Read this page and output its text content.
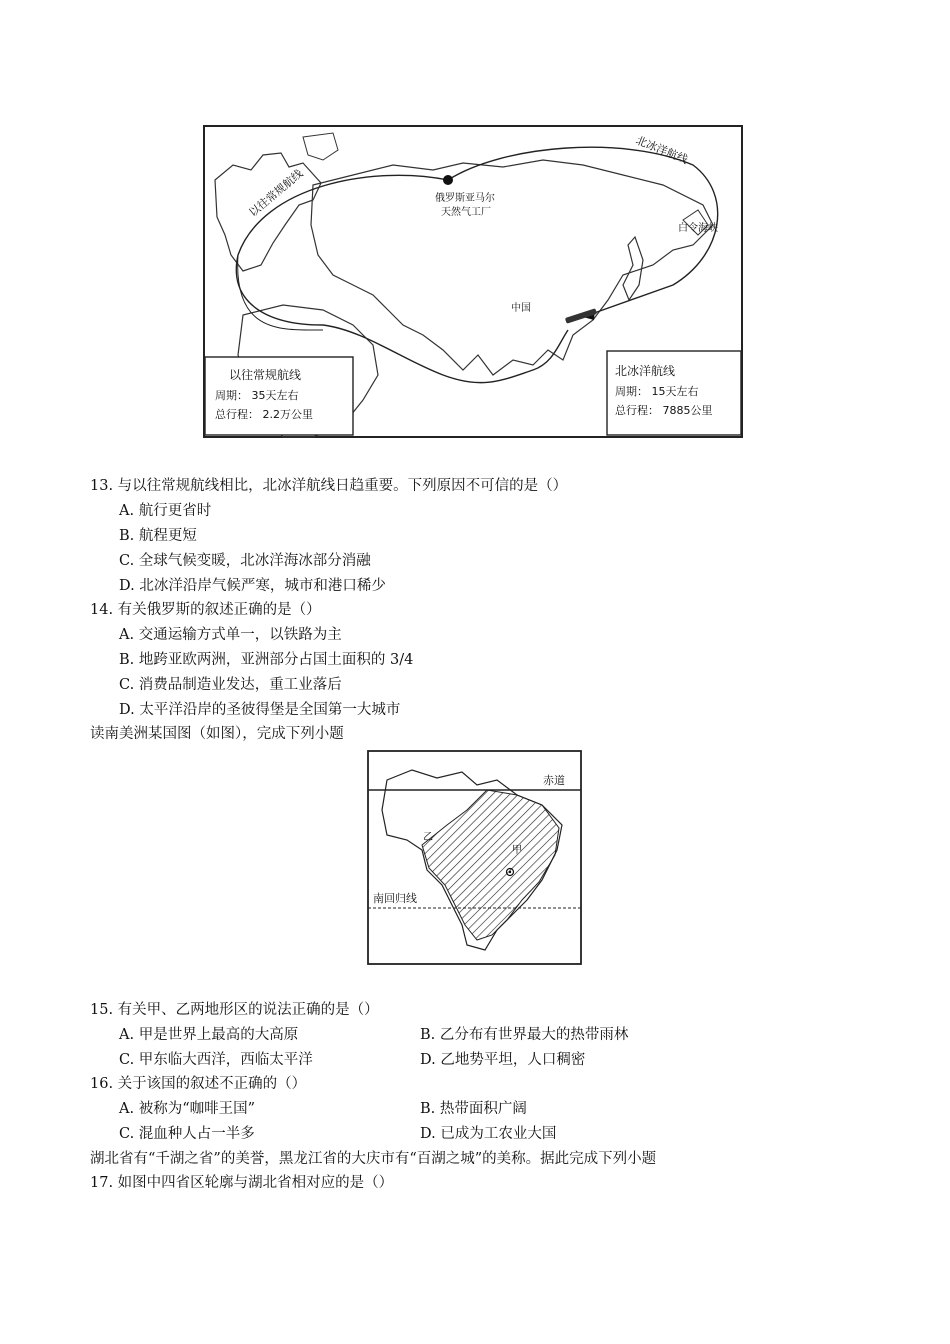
以往常规航线
北冰洋航线
俄罗斯亚马尔
天然气工厂
白令海峡
中国
以往常规航线
周期： 35天左右
总行程： 2.2万公里
北冰洋航线
周期： 15天左右
总行程： 7885公里
13. 与以往常规航线相比，北冰洋航线日趋重要。下列原因不可信的是（）
A. 航行更省时
B. 航程更短
C. 全球气候变暖，北冰洋海冰部分消融
D. 北冰洋沿岸气候严寒，城市和港口稀少
14. 有关俄罗斯的叙述正确的是（）
A. 交通运输方式单一，以铁路为主
B. 地跨亚欧两洲，亚洲部分占国土面积的 3/4
C. 消费品制造业发达，重工业落后
D. 太平洋沿岸的圣彼得堡是全国第一大城市
读南美洲某国图（如图），完成下列小题
赤道
南回归线
甲
乙
15. 有关甲、乙两地形区的说法正确的是（）
A. 甲是世界上最高的大高原	B. 乙分布有世界最大的热带雨林
C. 甲东临大西洋，西临太平洋	D. 乙地势平坦，人口稠密
16. 关于该国的叙述不正确的（）
A. 被称为“咖啡王国”	B. 热带面积广阔
C. 混血种人占一半多	D. 已成为工农业大国
湖北省有“千湖之省”的美誉，黑龙江省的大庆市有“百湖之城”的美称。据此完成下列小题
17. 如图中四省区轮廓与湖北省相对应的是（）
